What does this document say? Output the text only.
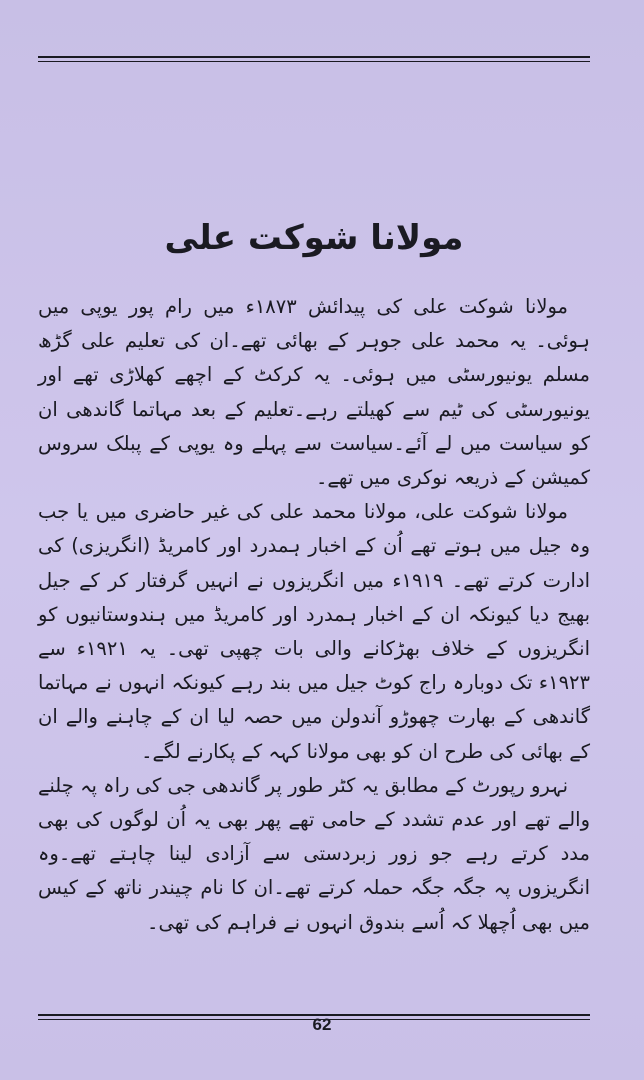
مولانا شوکت علی

مولانا شوکت علی کی پیدائش ۱۸۷۳ء میں رام پور یوپی میں ہوئی۔ یہ محمد علی جوہر کے بھائی تھے۔ان کی تعلیم علی گڑھ مسلم یونیورسٹی میں ہوئی۔ یہ کرکٹ کے اچھے کھلاڑی تھے اور یونیورسٹی کی ٹیم سے کھیلتے رہے۔تعلیم کے بعد مہاتما گاندھی ان کو سیاست میں لے آئے۔سیاست سے پہلے وہ یوپی کے پبلک سروس کمیشن کے ذریعہ نوکری میں تھے۔

مولانا شوکت علی، مولانا محمد علی کی غیر حاضری میں یا جب وہ جیل میں ہوتے تھے اُن کے اخبار ہمدرد اور کامریڈ (انگریزی) کی ادارت کرتے تھے۔ ۱۹۱۹ء میں انگریزوں نے انہیں گرفتار کر کے جیل بھیج دیا کیونکہ ان کے اخبار ہمدرد اور کامریڈ میں ہندوستانیوں کو انگریزوں کے خلاف بھڑکانے والی بات چھپی تھی۔ یہ ۱۹۲۱ء سے ۱۹۲۳ء تک دوبارہ راج کوٹ جیل میں بند رہے کیونکہ انہوں نے مہاتما گاندھی کے بھارت چھوڑو آندولن میں حصہ لیا ان کے چاہنے والے ان کے بھائی کی طرح ان کو بھی مولانا کہہ کے پکارنے لگے۔

نہرو رپورٹ کے مطابق یہ کٹر طور پر گاندھی جی کی راہ پہ چلنے والے تھے اور عدم تشدد کے حامی تھے پھر بھی یہ اُن لوگوں کی بھی مدد کرتے رہے جو زور زبردستی سے آزادی لینا چاہتے تھے۔وہ انگریزوں پہ جگہ جگہ حملہ کرتے تھے۔ان کا نام چیندر ناتھ کے کیس میں بھی اُچھلا کہ اُسے بندوق انہوں نے فراہم کی تھی۔

62
